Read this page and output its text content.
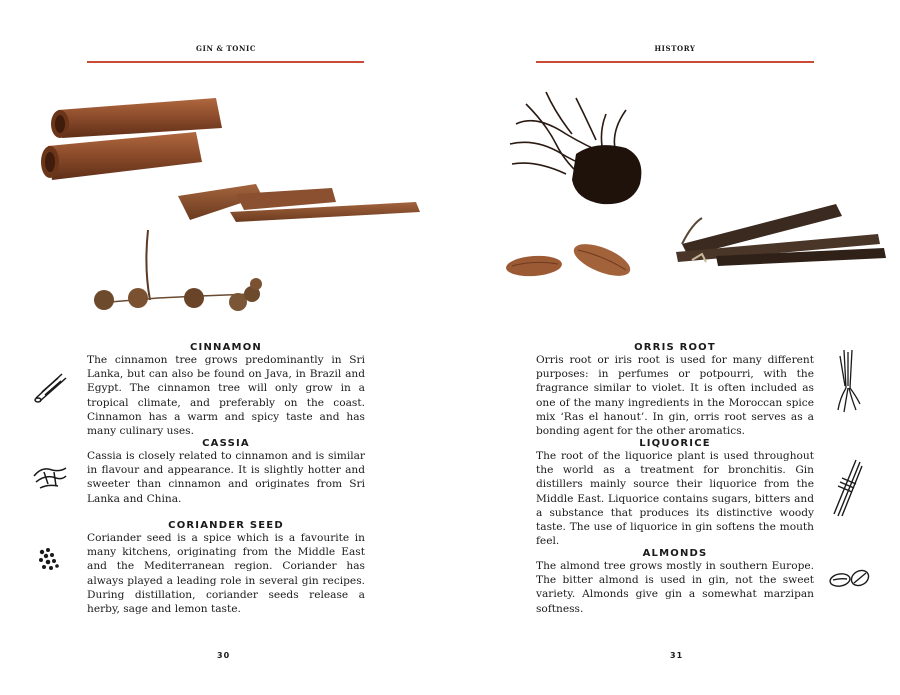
GIN & TONIC
CINNAMON
The cinnamon tree grows predominantly in Sri Lanka, but can also be found on Java, in Brazil and Egypt. The cinnamon tree will only grow in a tropical climate, and preferably on the coast. Cinnamon has a warm and spicy taste and has many culinary uses.
CASSIA
Cassia is closely related to cinnamon and is similar in flavour and appearance. It is slightly hotter and sweeter than cinnamon and originates from Sri Lanka and China.
CORIANDER SEED
Coriander seed is a spice which is a favourite in many kitchens, originating from the Middle East and the Mediterranean region. Coriander has always played a leading role in several gin recipes. During distillation, coriander seeds release a herby, sage and lemon taste.
30
HISTORY
ORRIS ROOT
Orris root or iris root is used for many different purposes: in perfumes or potpourri, with the fragrance similar to violet. It is often included as one of the many ingredients in the Moroccan spice mix ‘Ras el hanout’. In gin, orris root serves as a bonding agent for the other aromatics.
LIQUORICE
The root of the liquorice plant is used throughout the world as a treatment for bronchitis. Gin distillers mainly source their liquorice from the Middle East. Liquorice contains sugars, bitters and a substance that produces its distinctive woody taste. The use of liquorice in gin softens the mouth feel.
ALMONDS
The almond tree grows mostly in southern Europe. The bitter almond is used in gin, not the sweet variety. Almonds give gin a somewhat marzipan softness.
31
